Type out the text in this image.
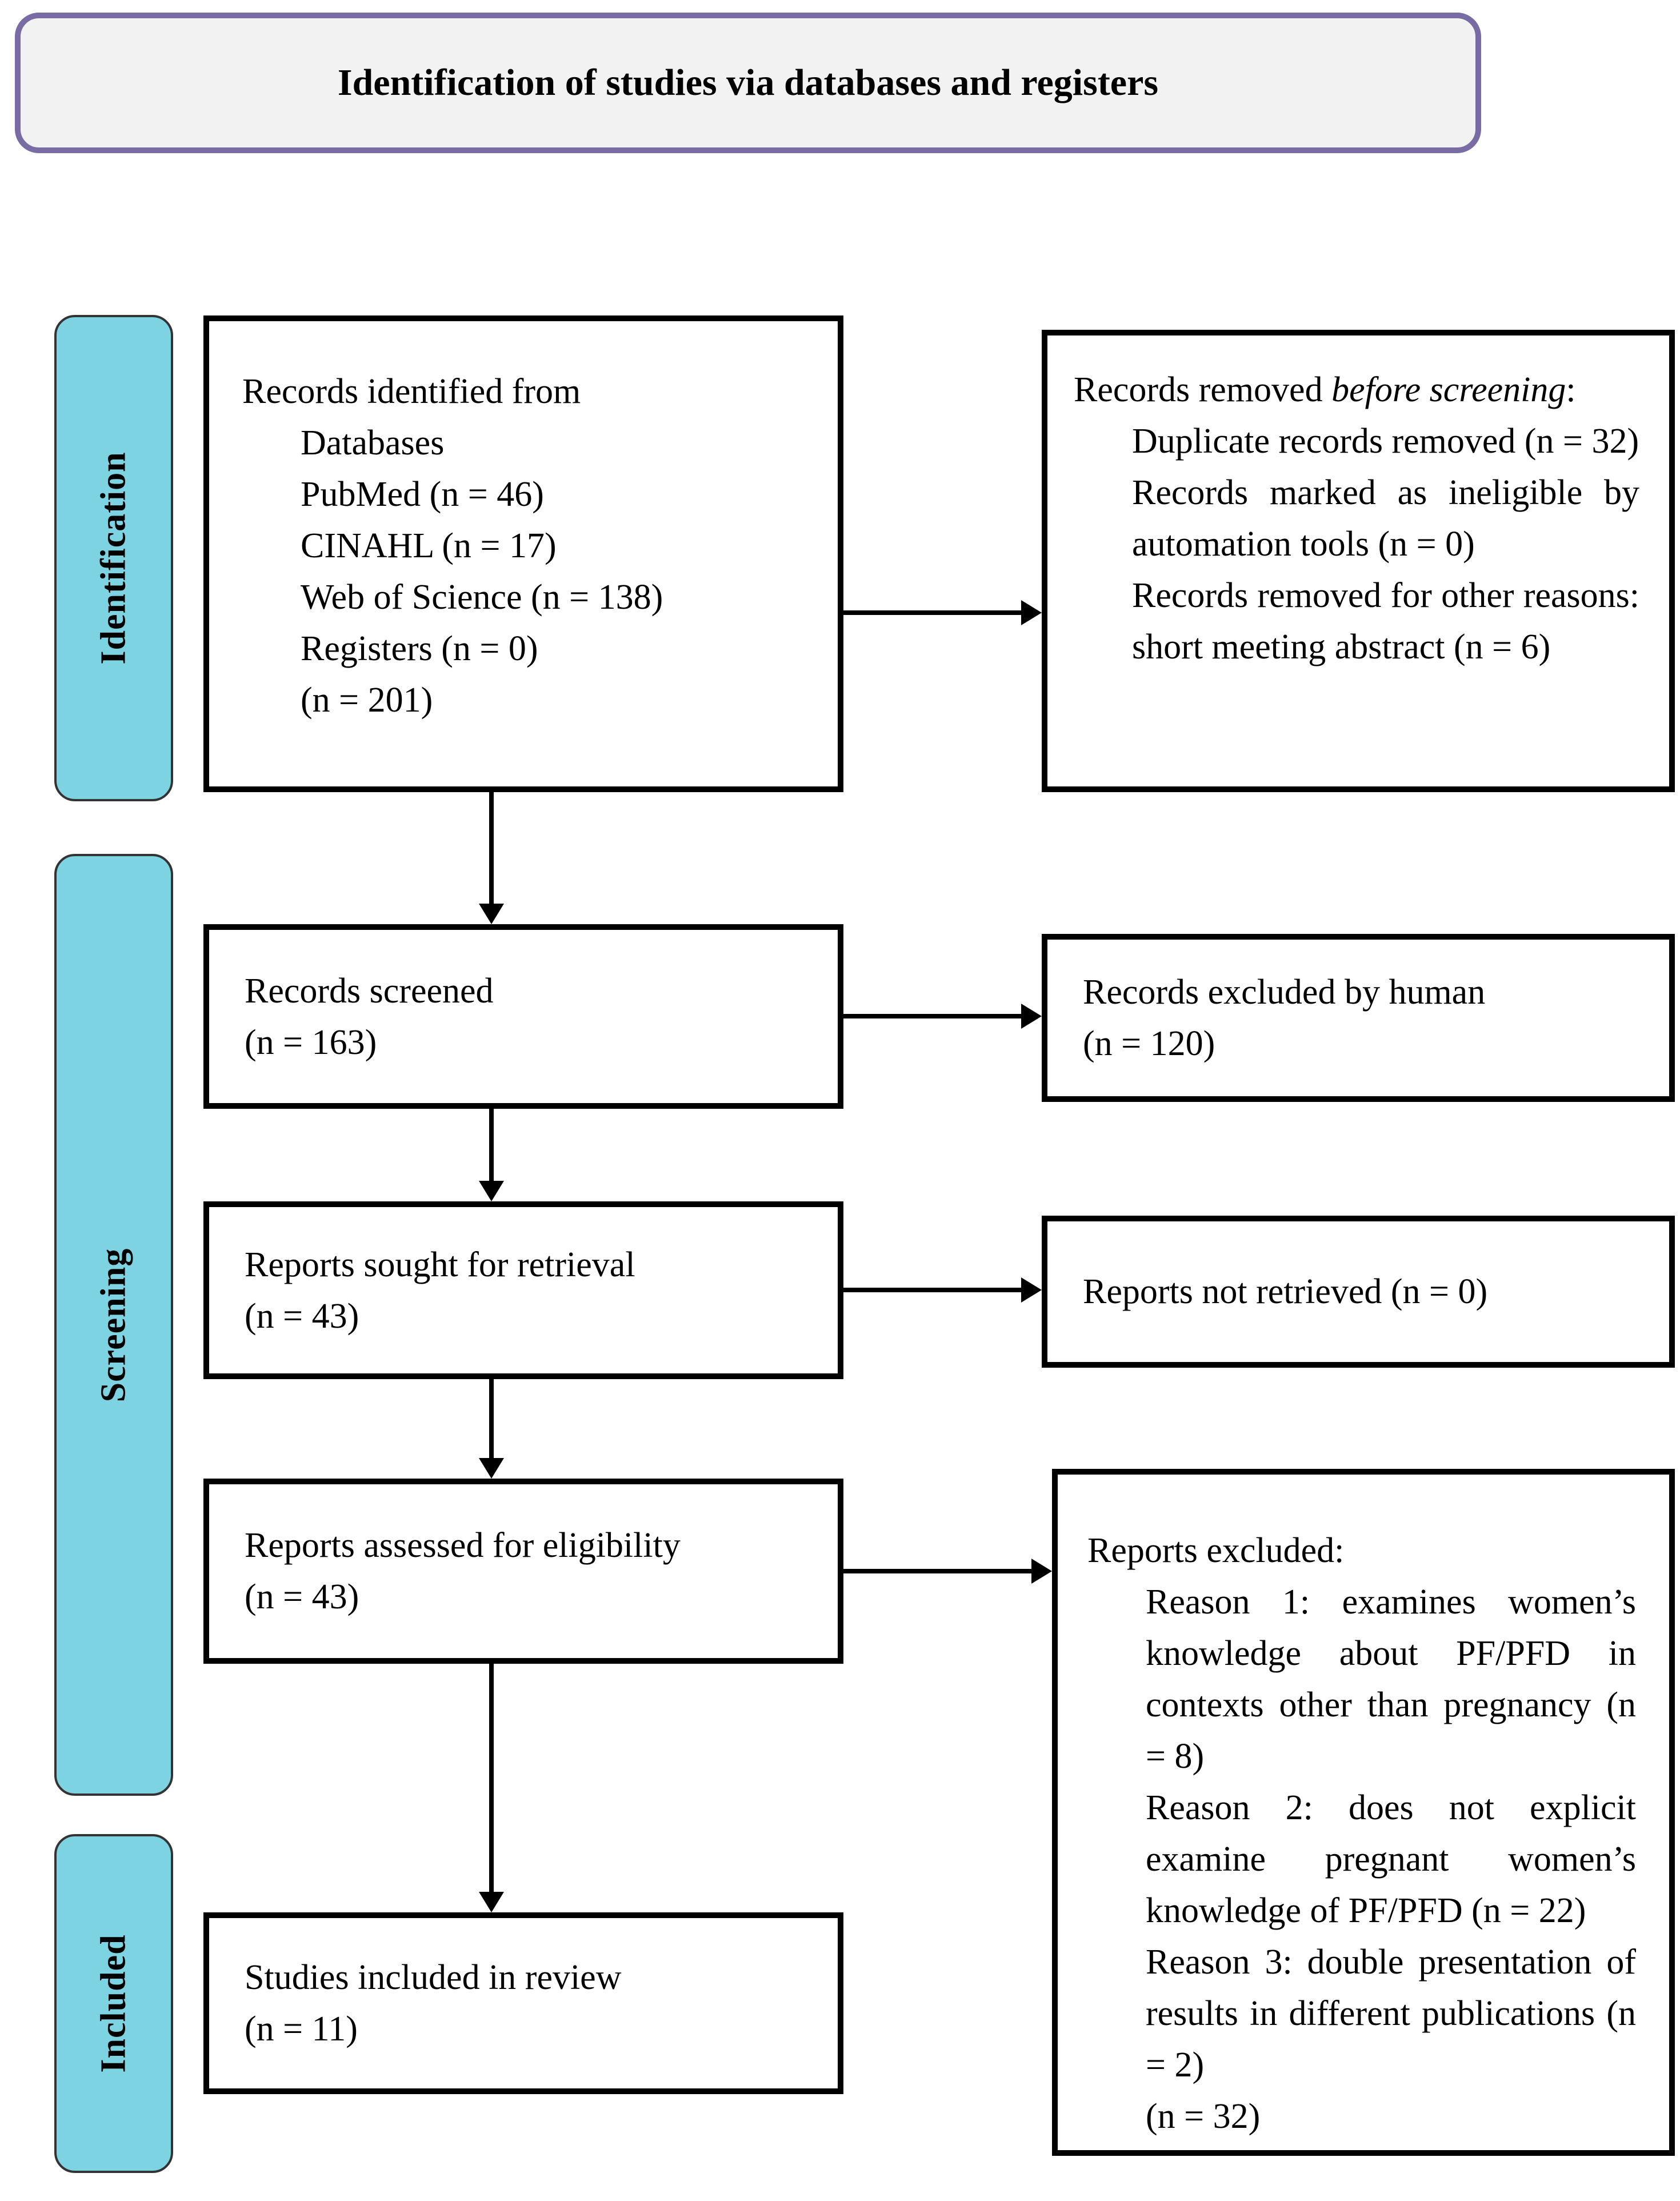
Identification of studies via databases and registers
Identification
Screening
Included
Records identified from
Databases
PubMed (n = 46)
CINAHL (n = 17)
Web of Science (n = 138)
Registers (n = 0)
(n = 201)
Records removed before screening:

Duplicate records removed (n = 32)

Records marked as ineligible by automation tools (n = 0)

Records removed for other reasons: short meeting abstract (n = 6)

Records screened
(n = 163)
Records excluded by human
(n = 120)
Reports sought for retrieval
(n = 43)
Reports not retrieved (n = 0)
Reports assessed for eligibility
(n = 43)
Reports excluded:

Reason 1: examines women’s knowledge about PF/PFD in contexts other than pregnancy (n = 8)

Reason 2: does not explicit examine pregnant women’s knowledge of PF/PFD (n = 22)

Reason 3: double presentation of results in different publications (n = 2)

(n = 32)

Studies included in review
(n = 11)
